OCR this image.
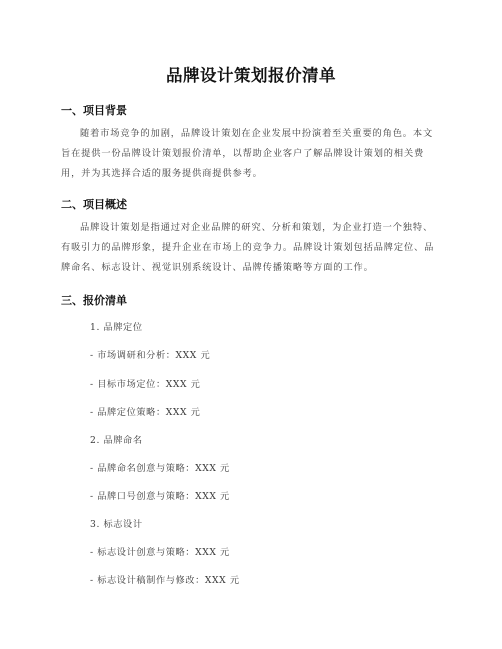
品牌设计策划报价清单
一、项目背景
随着市场竞争的加剧，品牌设计策划在企业发展中扮演着至关重要的角色。本文旨在提供一份品牌设计策划报价清单，以帮助企业客户了解品牌设计策划的相关费用，并为其选择合适的服务提供商提供参考。
二、项目概述
品牌设计策划是指通过对企业品牌的研究、分析和策划，为企业打造一个独特、有吸引力的品牌形象，提升企业在市场上的竞争力。品牌设计策划包括品牌定位、品牌命名、标志设计、视觉识别系统设计、品牌传播策略等方面的工作。
三、报价清单
1. 品牌定位
- 市场调研和分析：XXX 元
- 目标市场定位：XXX 元
- 品牌定位策略：XXX 元
2. 品牌命名
- 品牌命名创意与策略：XXX 元
- 品牌口号创意与策略：XXX 元
3. 标志设计
- 标志设计创意与策略：XXX 元
- 标志设计稿制作与修改：XXX 元
